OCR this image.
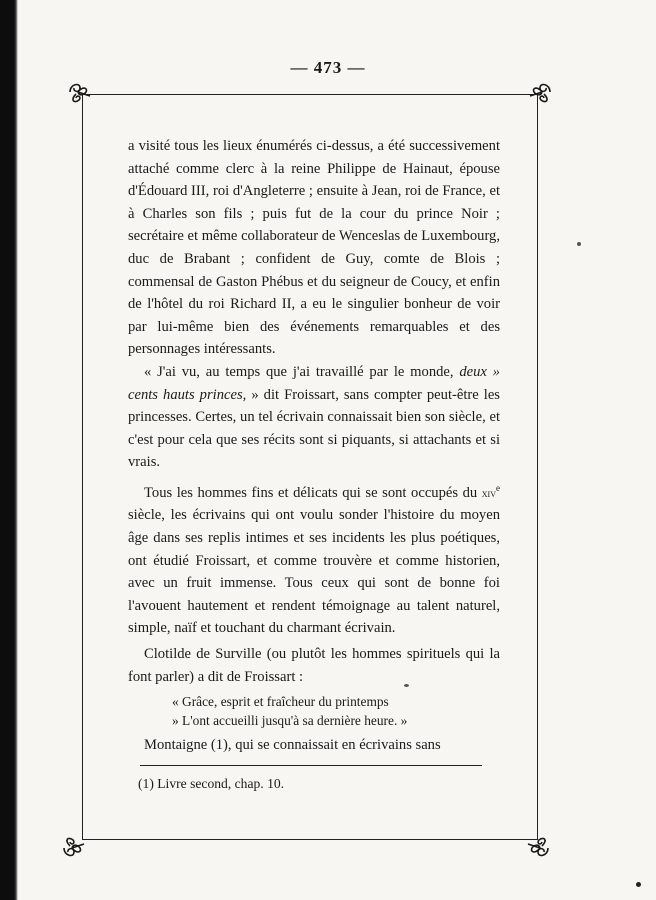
— 473 —

a visité tous les lieux énumérés ci-dessus, a été successivement attaché comme clerc à la reine Philippe de Hainaut, épouse d'Édouard III, roi d'Angleterre ; ensuite à Jean, roi de France, et à Charles son fils ; puis fut de la cour du prince Noir ; secrétaire et même collaborateur de Wenceslas de Luxembourg, duc de Brabant ; confident de Guy, comte de Blois ; commensal de Gaston Phébus et du seigneur de Coucy, et enfin de l'hôtel du roi Richard II, a eu le singulier bonheur de voir par lui-même bien des événements remarquables et des personnages intéressants.

« J'ai vu, au temps que j'ai travaillé par le monde, deux » cents hauts princes, » dit Froissart, sans compter peut-être les princesses. Certes, un tel écrivain connaissait bien son siècle, et c'est pour cela que ses récits sont si piquants, si attachants et si vrais.

Tous les hommes fins et délicats qui se sont occupés du xiv$^e$ siècle, les écrivains qui ont voulu sonder l'histoire du moyen âge dans ses replis intimes et ses incidents les plus poétiques, ont étudié Froissart, et comme trouvère et comme historien, avec un fruit immense. Tous ceux qui sont de bonne foi l'avouent hautement et rendent témoignage au talent naturel, simple, naïf et touchant du charmant écrivain.

Clotilde de Surville (ou plutôt les hommes spirituels qui la font parler) a dit de Froissart :

« Grâce, esprit et fraîcheur du printemps
» L'ont accueilli jusqu'à sa dernière heure. »

Montaigne (1), qui se connaissait en écrivains sans

(1) Livre second, chap. 10.
